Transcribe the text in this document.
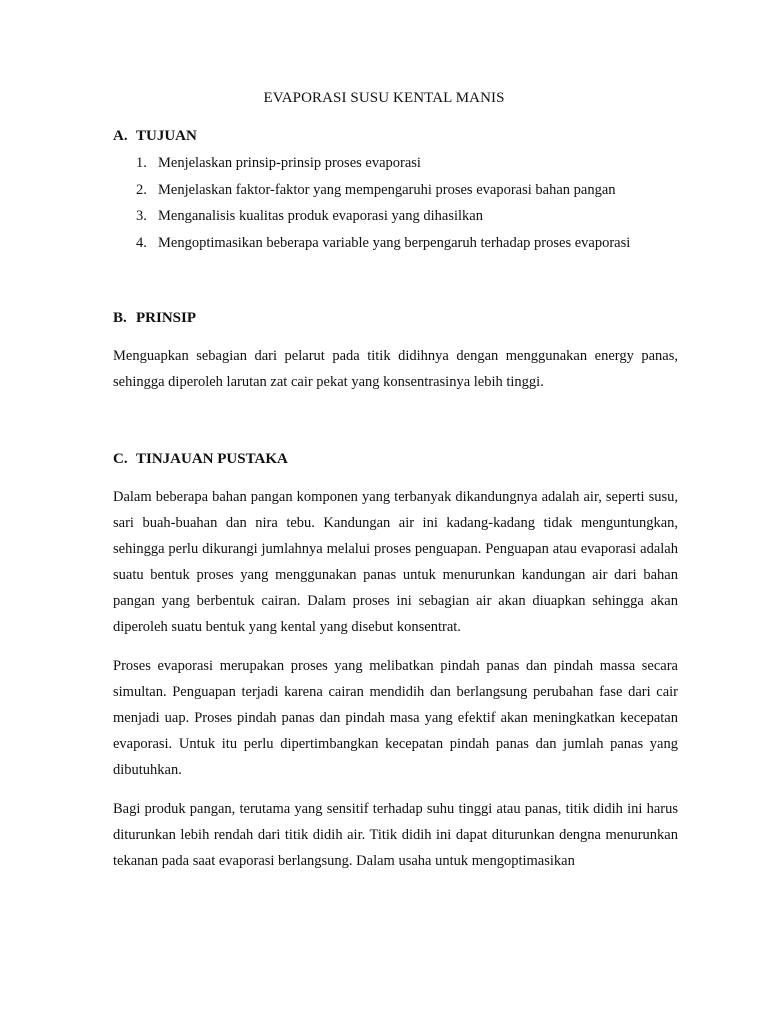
EVAPORASI SUSU KENTAL MANIS
A. TUJUAN
1. Menjelaskan prinsip-prinsip proses evaporasi
2. Menjelaskan faktor-faktor yang mempengaruhi proses evaporasi bahan pangan
3. Menganalisis kualitas produk evaporasi yang dihasilkan
4. Mengoptimasikan beberapa variable yang berpengaruh terhadap proses evaporasi
B. PRINSIP

Menguapkan sebagian dari pelarut pada titik didihnya dengan menggunakan energy panas, sehingga diperoleh larutan zat cair pekat yang konsentrasinya lebih tinggi.

C. TINJAUAN PUSTAKA

Dalam beberapa bahan pangan komponen yang terbanyak dikandungnya adalah air, seperti susu, sari buah-buahan dan nira tebu. Kandungan air ini kadang-kadang tidak menguntungkan, sehingga perlu dikurangi jumlahnya melalui proses penguapan. Penguapan atau evaporasi adalah suatu bentuk proses yang menggunakan panas untuk menurunkan kandungan air dari bahan pangan yang berbentuk cairan. Dalam proses ini sebagian air akan diuapkan sehingga akan diperoleh suatu bentuk yang kental yang disebut konsentrat.

Proses evaporasi merupakan proses yang melibatkan pindah panas dan pindah massa secara simultan. Penguapan terjadi karena cairan mendidih dan berlangsung perubahan fase dari cair menjadi uap. Proses pindah panas dan pindah masa yang efektif akan meningkatkan kecepatan evaporasi. Untuk itu perlu dipertimbangkan kecepatan pindah panas dan jumlah panas yang dibutuhkan.

Bagi produk pangan, terutama yang sensitif terhadap suhu tinggi atau panas, titik didih ini harus diturunkan lebih rendah dari titik didih air. Titik didih ini dapat diturunkan dengna menurunkan tekanan pada saat evaporasi berlangsung. Dalam usaha untuk mengoptimasikan
